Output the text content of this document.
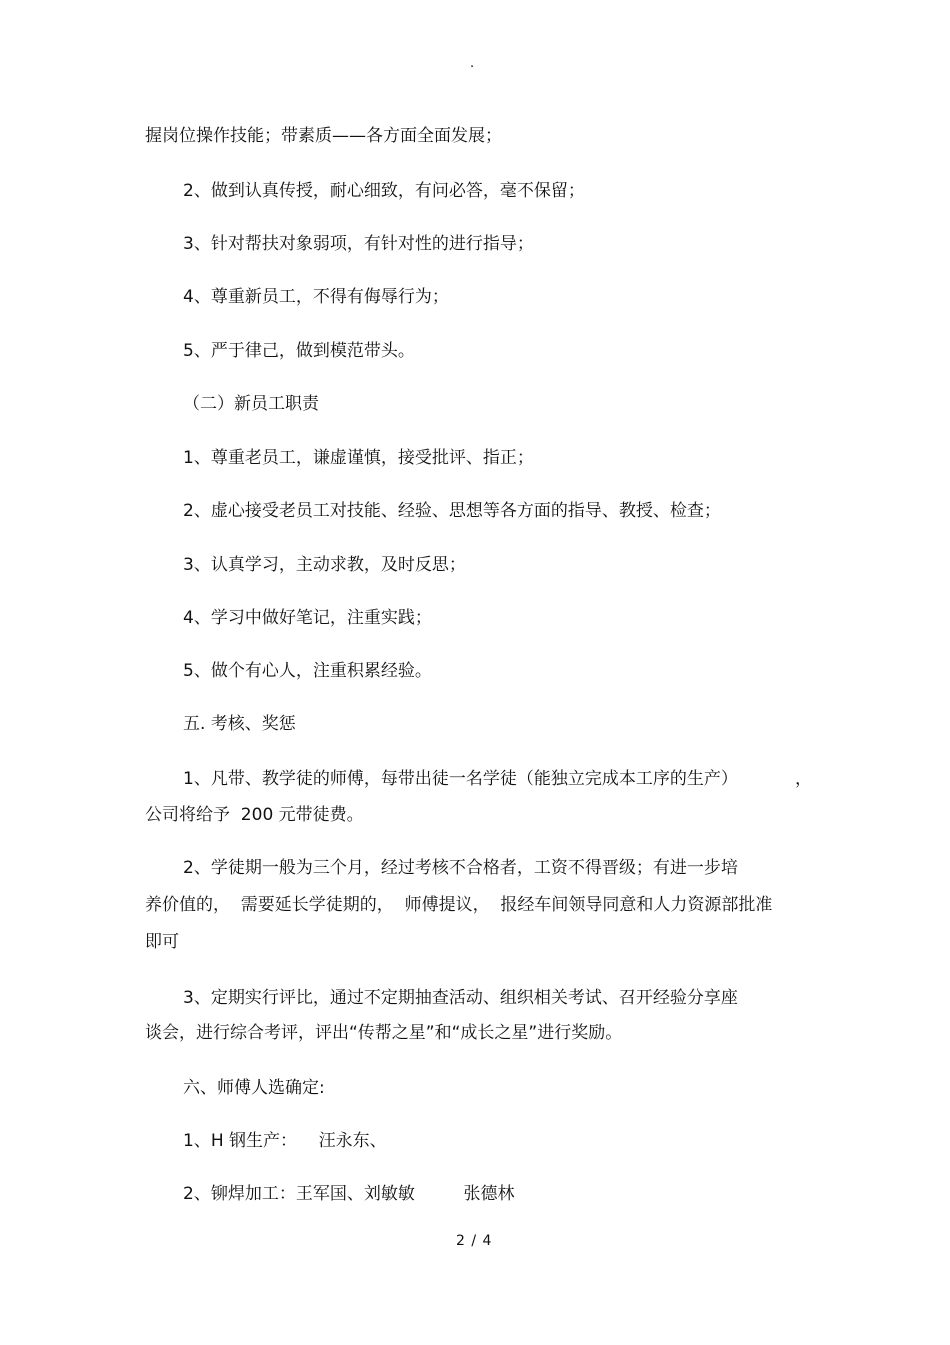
.
握岗位操作技能；带素质——各方面全面发展；
2、做到认真传授，耐心细致，有问必答，毫不保留；
3、针对帮扶对象弱项，有针对性的进行指导；
4、尊重新员工，不得有侮辱行为；
5、严于律己，做到模范带头。
（二）新员工职责
1、尊重老员工，谦虚谨慎，接受批评、指正；
2、虚心接受老员工对技能、经验、思想等各方面的指导、教授、检查；
3、认真学习，主动求教，及时反思；
4、学习中做好笔记，注重实践；
5、做个有心人，注重积累经验。
五. 考核、奖惩
1、凡带、教学徒的师傅，每带出徒一名学徒（能独立完成本工序的生产）	，
公司将给予  200 元带徒费。
2、学徒期一般为三个月，经过考核不合格者，工资不得晋级；有进一步培
养价值的，  需要延长学徒期的，  师傅提议，  报经车间领导同意和人力资源部批准
即可
3、定期实行评比，通过不定期抽查活动、组织相关考试、召开经验分享座
谈会，进行综合考评，评出“传帮之星”和“成长之星”进行奖励。
六、师傅人选确定:
1、H 钢生产：    汪永东、
2、铆焊加工：王军国、刘敏敏         张德林
2 / 4
